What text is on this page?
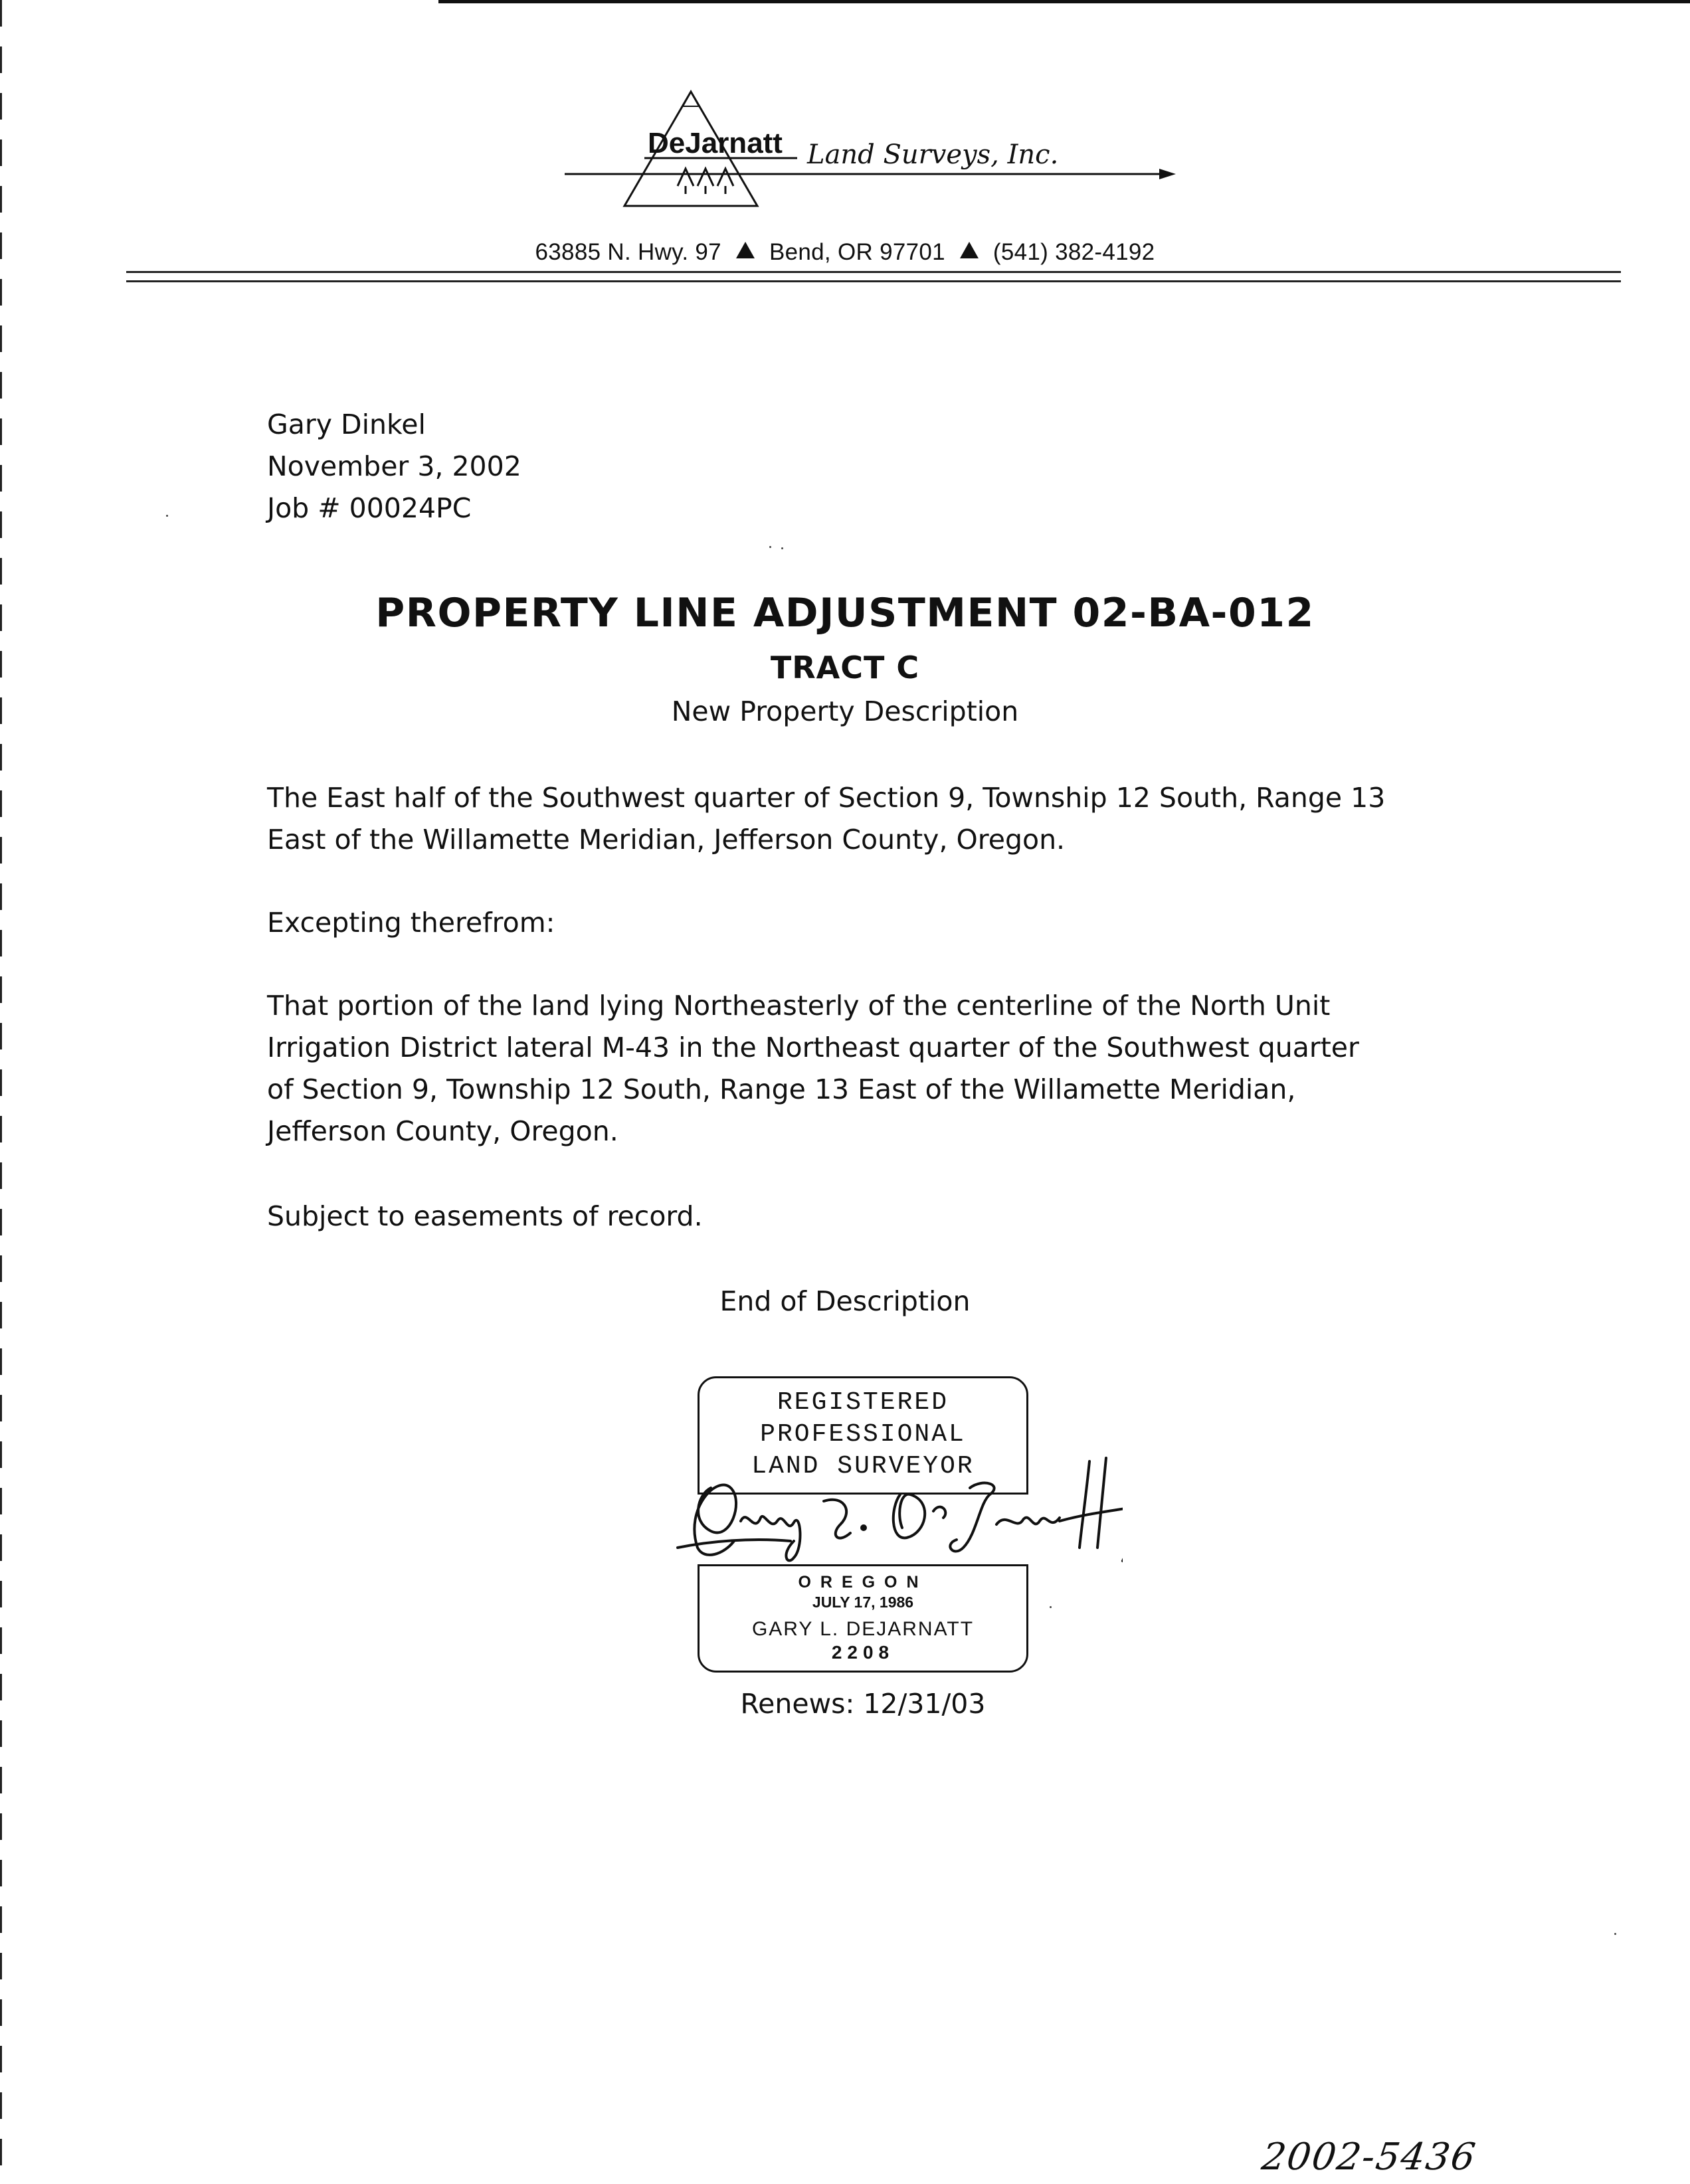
DeJarnatt Land Surveys, Inc.
63885 N. Hwy. 97 Bend, OR 97701 (541) 382-4192
Gary Dinkel
November 3, 2002
Job # 00024PC
PROPERTY LINE ADJUSTMENT 02-BA-012
TRACT C
New Property Description
The East half of the Southwest quarter of Section 9, Township 12 South, Range 13
East of the Willamette Meridian, Jefferson County, Oregon.
Excepting therefrom:
That portion of the land lying Northeasterly of the centerline of the North Unit
Irrigation District lateral M-43 in the Northeast quarter of the Southwest quarter
of Section 9, Township 12 South, Range 13 East of the Willamette Meridian,
Jefferson County, Oregon.
Subject to easements of record.
End of Description
REGISTERED
PROFESSIONAL
LAND SURVEYOR
OREGON
JULY 17, 1986
GARY L. DEJARNATT
2208
Renews: 12/31/03
2002-5436
